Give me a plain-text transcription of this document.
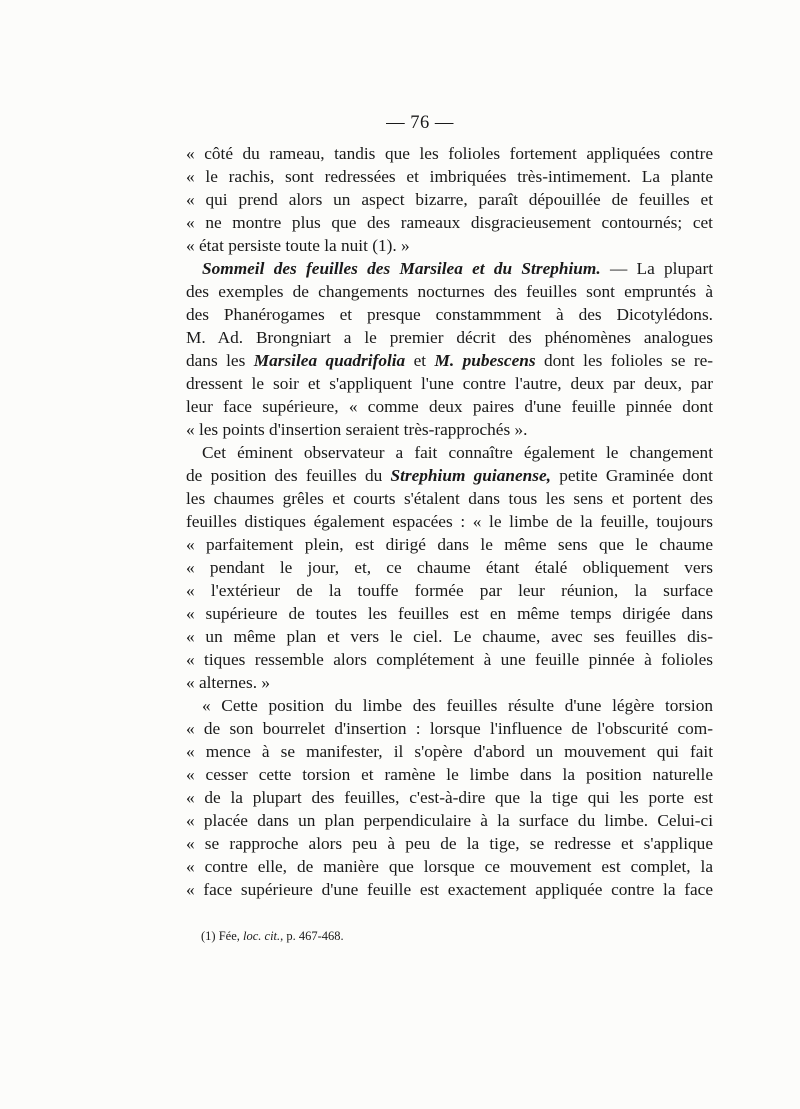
— 76 —
« côté du rameau, tandis que les folioles fortement appliquées contre
« le rachis, sont redressées et imbriquées très-intimement. La plante
« qui prend alors un aspect bizarre, paraît dépouillée de feuilles et
« ne montre plus que des rameaux disgracieusement contournés; cet
« état persiste toute la nuit (1). »
Sommeil des feuilles des Marsilea et du Strephium. — La plupart
des exemples de changements nocturnes des feuilles sont empruntés à
des Phanérogames et presque constammment à des Dicotylédons.
M. Ad. Brongniart a le premier décrit des phénomènes analogues
dans les Marsilea quadrifolia et M. pubescens dont les folioles se re-
dressent le soir et s'appliquent l'une contre l'autre, deux par deux, par
leur face supérieure, « comme deux paires d'une feuille pinnée dont
« les points d'insertion seraient très-rapprochés ».
Cet éminent observateur a fait connaître également le changement
de position des feuilles du Strephium guianense, petite Graminée dont
les chaumes grêles et courts s'étalent dans tous les sens et portent des
feuilles distiques également espacées : « le limbe de la feuille, toujours
« parfaitement plein, est dirigé dans le même sens que le chaume
« pendant le jour, et, ce chaume étant étalé obliquement vers
« l'extérieur de la touffe formée par leur réunion, la surface
« supérieure de toutes les feuilles est en même temps dirigée dans
« un même plan et vers le ciel. Le chaume, avec ses feuilles dis-
« tiques ressemble alors complétement à une feuille pinnée à folioles
« alternes. »
« Cette position du limbe des feuilles résulte d'une légère torsion
« de son bourrelet d'insertion : lorsque l'influence de l'obscurité com-
« mence à se manifester, il s'opère d'abord un mouvement qui fait
« cesser cette torsion et ramène le limbe dans la position naturelle
« de la plupart des feuilles, c'est-à-dire que la tige qui les porte est
« placée dans un plan perpendiculaire à la surface du limbe. Celui-ci
« se rapproche alors peu à peu de la tige, se redresse et s'applique
« contre elle, de manière que lorsque ce mouvement est complet, la
« face supérieure d'une feuille est exactement appliquée contre la face
(1) Fée, loc. cit., p. 467-468.
